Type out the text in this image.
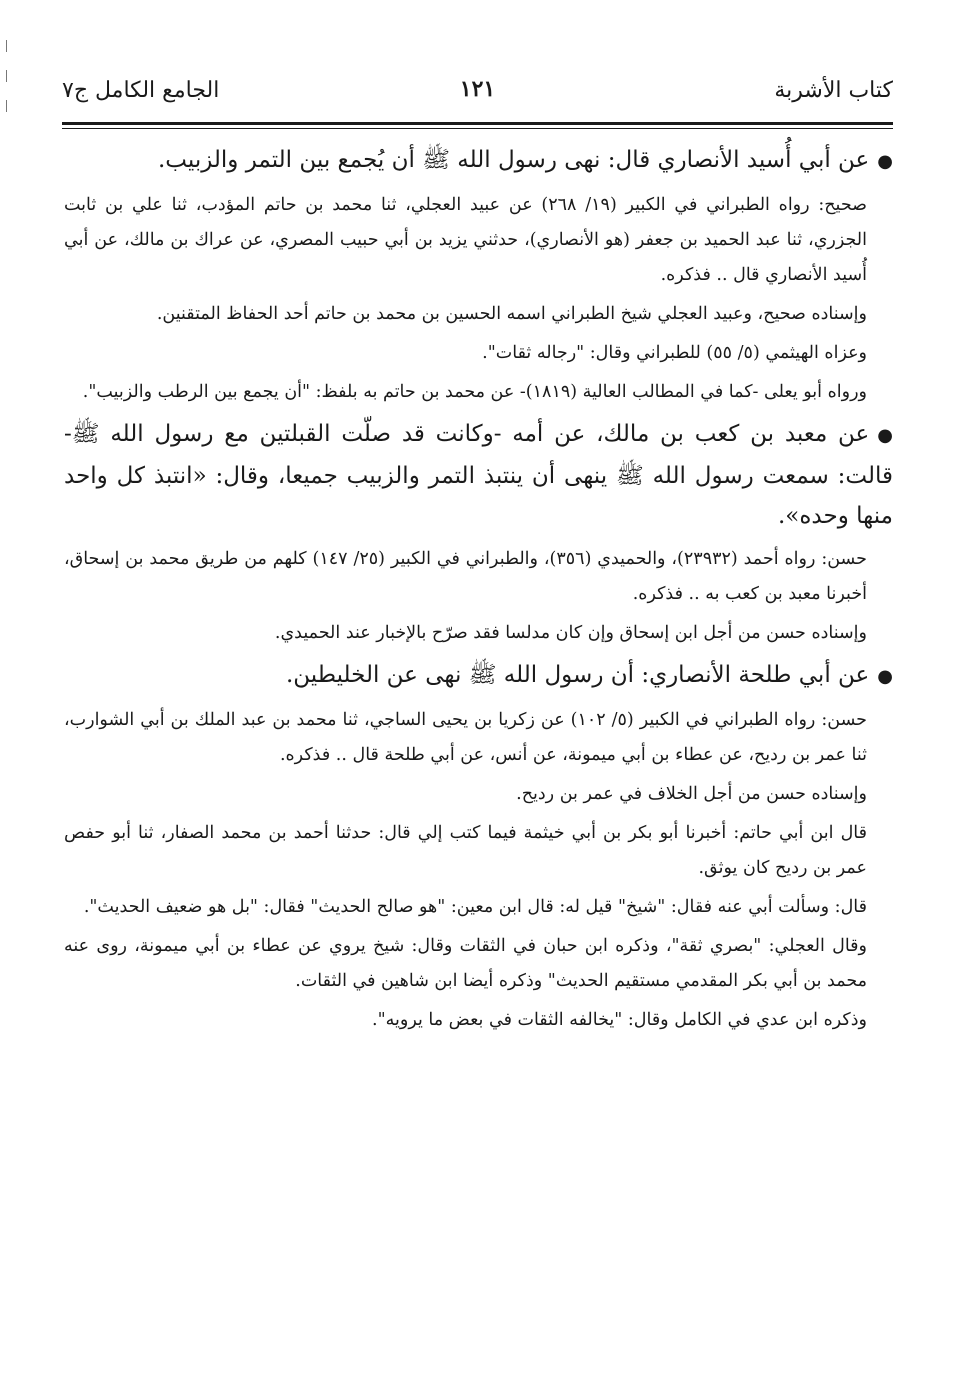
كتاب الأشربة
١٢١
الجامع الكامل ج٧

●عن أبي أُسيد الأنصاري قال: نهى رسول الله ﷺ أن يُجمع بين التمر والزبيب.

صحيح: رواه الطبراني في الكبير (١٩/ ٢٦٨) عن عبيد العجلي، ثنا محمد بن حاتم المؤدب، ثنا علي بن ثابت الجزري، ثنا عبد الحميد بن جعفر (هو الأنصاري)، حدثني يزيد بن أبي حبيب المصري، عن عراك بن مالك، عن أبي أُسيد الأنصاري قال .. فذكره.

وإسناده صحيح، وعبيد العجلي شيخ الطبراني اسمه الحسين بن محمد بن حاتم أحد الحفاظ المتقنين.

وعزاه الهيثمي (٥/ ٥٥) للطبراني وقال: "رجاله ثقات".

ورواه أبو يعلى -كما في المطالب العالية (١٨١٩)- عن محمد بن حاتم به بلفظ: "أن يجمع بين الرطب والزبيب".

●عن معبد بن كعب بن مالك، عن أمه -وكانت قد صلّت القبلتين مع رسول الله ﷺ- قالت: سمعت رسول الله ﷺ ينهى أن ينتبذ التمر والزبيب جميعا، وقال: «انتبذ كل واحد منها وحده».

حسن: رواه أحمد (٢٣٩٣٢)، والحميدي (٣٥٦)، والطبراني في الكبير (٢٥/ ١٤٧) كلهم من طريق محمد بن إسحاق، أخبرنا معبد بن كعب به .. فذكره.

وإسناده حسن من أجل ابن إسحاق وإن كان مدلسا فقد صرّح بالإخبار عند الحميدي.

●عن أبي طلحة الأنصاري: أن رسول الله ﷺ نهى عن الخليطين.

حسن: رواه الطبراني في الكبير (٥/ ١٠٢) عن زكريا بن يحيى الساجي، ثنا محمد بن عبد الملك بن أبي الشوارب، ثنا عمر بن رديح، عن عطاء بن أبي ميمونة، عن أنس، عن أبي طلحة قال .. فذكره.

وإسناده حسن من أجل الخلاف في عمر بن رديح.

قال ابن أبي حاتم: أخبرنا أبو بكر بن أبي خيثمة فيما كتب إلي قال: حدثنا أحمد بن محمد الصفار، ثنا أبو حفص عمر بن رديح كان يوثق.

قال: وسألت أبي عنه فقال: "شيخ" قيل له: قال ابن معين: "هو صالح الحديث" فقال: "بل هو ضعيف الحديث".

وقال العجلي: "بصري ثقة"، وذكره ابن حبان في الثقات وقال: شيخ يروي عن عطاء بن أبي ميمونة، روى عنه محمد بن أبي بكر المقدمي مستقيم الحديث" وذكره أيضا ابن شاهين في الثقات.

وذكره ابن عدي في الكامل وقال: "يخالفه الثقات في بعض ما يرويه".
